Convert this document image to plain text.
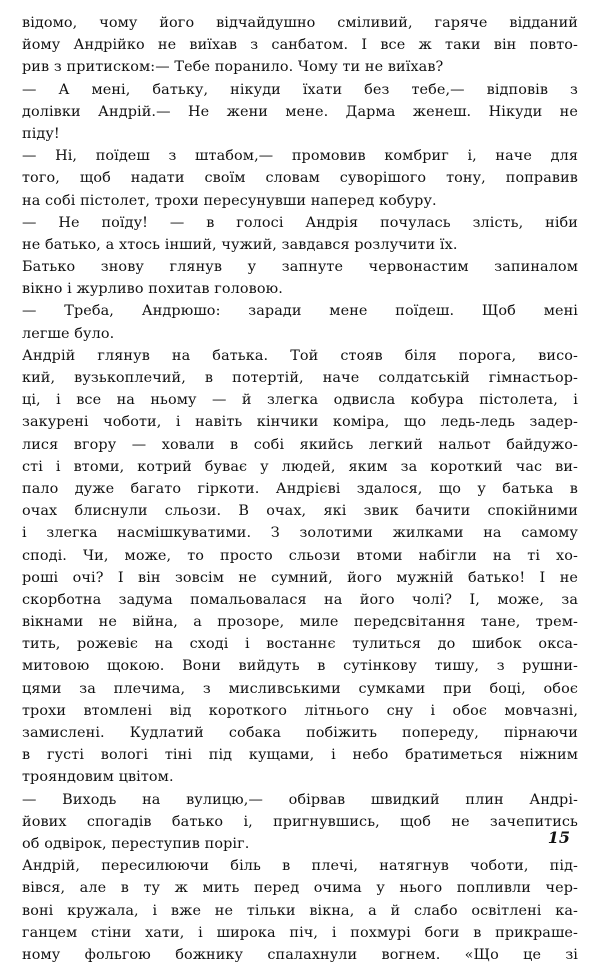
відомо, чому його відчайдушно сміливий, гаряче відданий
йому Андрійко не виїхав з санбатом. І все ж таки він повто-
рив з притиском:— Тебе поранило. Чому ти не виїхав?
— А мені, батьку, нікуди їхати без тебе,— відповів з
долівки Андрій.— Не жени мене. Дарма женеш. Нікуди не
піду!
— Ні, поїдеш з штабом,— промовив комбриг і, наче для
того, щоб надати своїм словам суворішого тону, поправив
на собі пістолет, трохи пересунувши наперед кобуру.
— Не поїду! — в голосі Андрія почулась злість, ніби
не батько, а хтось інший, чужий, завдався розлучити їх.
Батько знову глянув у запнуте червонастим запиналом
вікно і журливо похитав головою.
— Треба, Андрюшо: заради мене поїдеш. Щоб мені
легше було.
Андрій глянув на батька. Той стояв біля порога, висо-
кий, вузькоплечий, в потертій, наче солдатській гімнастьор-
ці, і все на ньому — й злегка одвисла кобура пістолета, і
закурені чоботи, і навіть кінчики коміра, що ледь-ледь задер-
лися вгору — ховали в собі якийсь легкий нальот байдужо-
сті і втоми, котрий буває у людей, яким за короткий час ви-
пало дуже багато гіркоти. Андрієві здалося, що у батька в
очах блиснули сльози. В очах, які звик бачити спокійними
і злегка насмішкуватими. З золотими жилками на самому
споді. Чи, може, то просто сльози втоми набігли на ті хо-
роші очі? І він зовсім не сумний, його мужній батько! І не
скорботна задума помальовалася на його чолі? І, може, за
вікнами не війна, а прозоре, миле передсвітання тане, трем-
тить, рожевіє на сході і востаннє тулиться до шибок окса-
митовою щокою. Вони вийдуть в сутінкову тишу, з рушни-
цями за плечима, з мисливськими сумками при боці, обоє
трохи втомлені від короткого літнього сну і обоє мовчазні,
замислені. Кудлатий собака побіжить попереду, пірнаючи
в густі вологі тіні під кущами, і небо братиметься ніжним
трояндовим цвітом.
— Виходь на вулицю,— обірвав швидкий плин Андрі-
йових спогадів батько і, пригнувшись, щоб не зачепитись
об одвірок, переступив поріг.
Андрій, пересилюючи біль в плечі, натягнув чоботи, під-
вівся, але в ту ж мить перед очима у нього попливли чер-
воні кружала, і вже не тільки вікна, а й слабо освітлені ка-
ганцем стіни хати, і широка піч, і похмурі боги в прикраше-
ному фольгою божнику спалахнули вогнем. «Що це зі
15
